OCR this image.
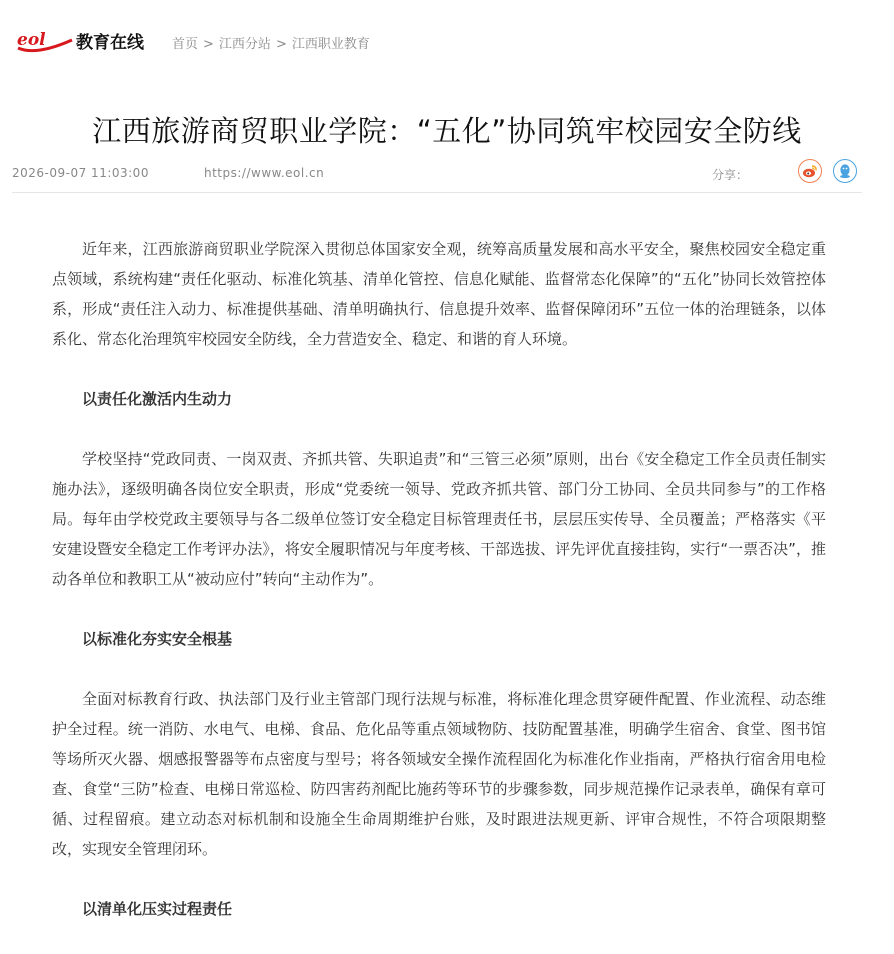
eol 教育在线 首页 > 江西分站 > 江西职业教育
江西旅游商贸职业学院：“五化”协同筑牢校园安全防线
2026-09-07 11:03:00	https://www.eol.cn	分享：

近年来，江西旅游商贸职业学院深入贯彻总体国家安全观，统筹高质量发展和高水平安全，聚焦校园安全稳定重点领域，系统构建“责任化驱动、标准化筑基、清单化管控、信息化赋能、监督常态化保障”的“五化”协同长效管控体系，形成“责任注入动力、标准提供基础、清单明确执行、信息提升效率、监督保障闭环”五位一体的治理链条，以体系化、常态化治理筑牢校园安全防线，全力营造安全、稳定、和谐的育人环境。

以责任化激活内生动力

学校坚持“党政同责、一岗双责、齐抓共管、失职追责”和“三管三必须”原则，出台《安全稳定工作全员责任制实施办法》，逐级明确各岗位安全职责，形成“党委统一领导、党政齐抓共管、部门分工协同、全员共同参与”的工作格局。每年由学校党政主要领导与各二级单位签订安全稳定目标管理责任书，层层压实传导、全员覆盖；严格落实《平安建设暨安全稳定工作考评办法》，将安全履职情况与年度考核、干部选拔、评先评优直接挂钩，实行“一票否决”，推动各单位和教职工从“被动应付”转向“主动作为”。

以标准化夯实安全根基

全面对标教育行政、执法部门及行业主管部门现行法规与标准，将标准化理念贯穿硬件配置、作业流程、动态维护全过程。统一消防、水电气、电梯、食品、危化品等重点领域物防、技防配置基准，明确学生宿舍、食堂、图书馆等场所灭火器、烟感报警器等布点密度与型号；将各领域安全操作流程固化为标准化作业指南，严格执行宿舍用电检查、食堂“三防”检查、电梯日常巡检、防四害药剂配比施药等环节的步骤参数，同步规范操作记录表单，确保有章可循、过程留痕。建立动态对标机制和设施全生命周期维护台账，及时跟进法规更新、评审合规性，不符合项限期整改，实现安全管理闭环。

以清单化压实过程责任
